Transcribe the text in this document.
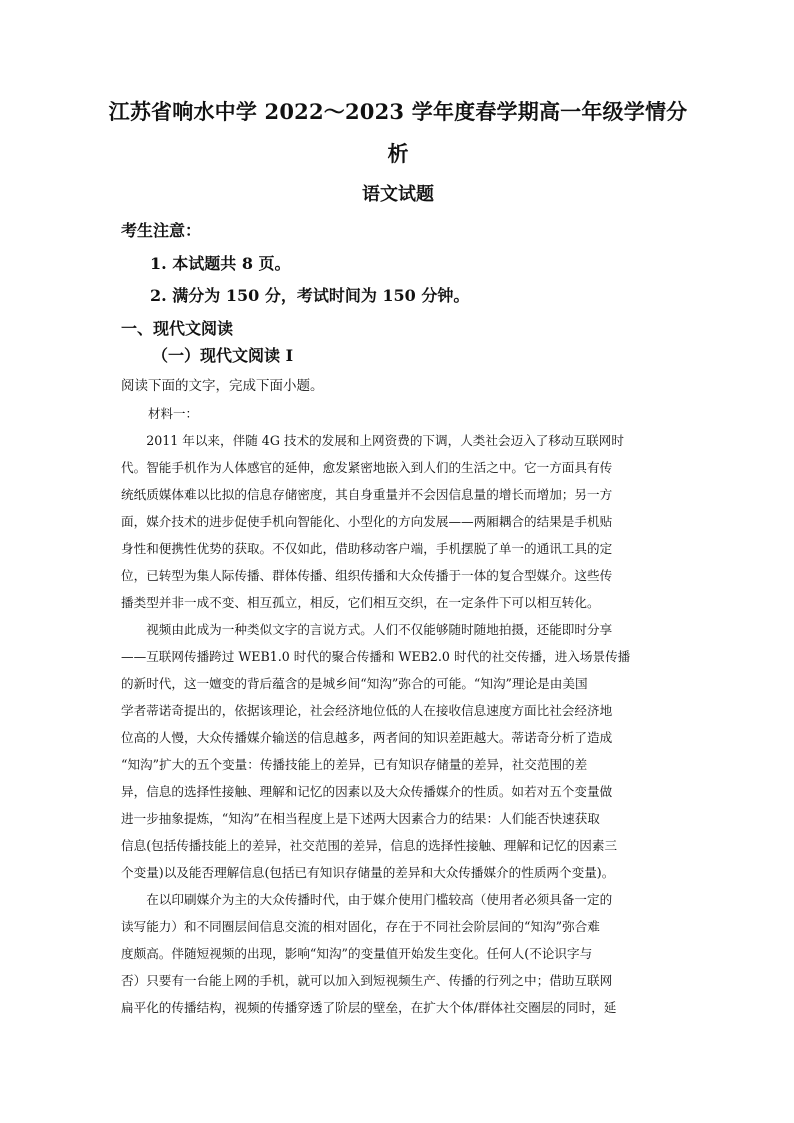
江苏省响水中学 2022～2023 学年度春学期高一年级学情分
析
语文试题
考生注意：
1. 本试题共 8 页。
2. 满分为 150 分，考试时间为 150 分钟。
一、现代文阅读
（一）现代文阅读 I
阅读下面的文字，完成下面小题。
材料一：
　　2011 年以来，伴随 4G 技术的发展和上网资费的下调，人类社会迈入了移动互联网时
代。智能手机作为人体感官的延伸，愈发紧密地嵌入到人们的生活之中。它一方面具有传
统纸质媒体难以比拟的信息存储密度，其自身重量并不会因信息量的增长而增加；另一方
面，媒介技术的进步促使手机向智能化、小型化的方向发展——两厢耦合的结果是手机贴
身性和便携性优势的获取。不仅如此，借助移动客户端，手机摆脱了单一的通讯工具的定
位，已转型为集人际传播、群体传播、组织传播和大众传播于一体的复合型媒介。这些传
播类型并非一成不变、相互孤立，相反，它们相互交织，在一定条件下可以相互转化。
　　视频由此成为一种类似文字的言说方式。人们不仅能够随时随地拍摄，还能即时分享
——互联网传播跨过 WEB1.0 时代的聚合传播和 WEB2.0 时代的社交传播，进入场景传播
的新时代，这一嬗变的背后蕴含的是城乡间“知沟”弥合的可能。“知沟”理论是由美国
学者蒂诺奇提出的，依据该理论，社会经济地位低的人在接收信息速度方面比社会经济地
位高的人慢，大众传播媒介输送的信息越多，两者间的知识差距越大。蒂诺奇分析了造成
“知沟”扩大的五个变量：传播技能上的差异，已有知识存储量的差异，社交范围的差
异，信息的选择性接触、理解和记忆的因素以及大众传播媒介的性质。如若对五个变量做
进一步抽象提炼，“知沟”在相当程度上是下述两大因素合力的结果：人们能否快速获取
信息(包括传播技能上的差异，社交范围的差异，信息的选择性接触、理解和记忆的因素三
个变量)以及能否理解信息(包括已有知识存储量的差异和大众传播媒介的性质两个变量)。
　　在以印刷媒介为主的大众传播时代，由于媒介使用门槛较高（使用者必须具备一定的
读写能力）和不同圈层间信息交流的相对固化，存在于不同社会阶层间的“知沟”弥合难
度颇高。伴随短视频的出现，影响“知沟”的变量值开始发生变化。任何人(不论识字与
否）只要有一台能上网的手机，就可以加入到短视频生产、传播的行列之中；借助互联网
扁平化的传播结构，视频的传播穿透了阶层的壁垒，在扩大个体/群体社交圈层的同时，延
